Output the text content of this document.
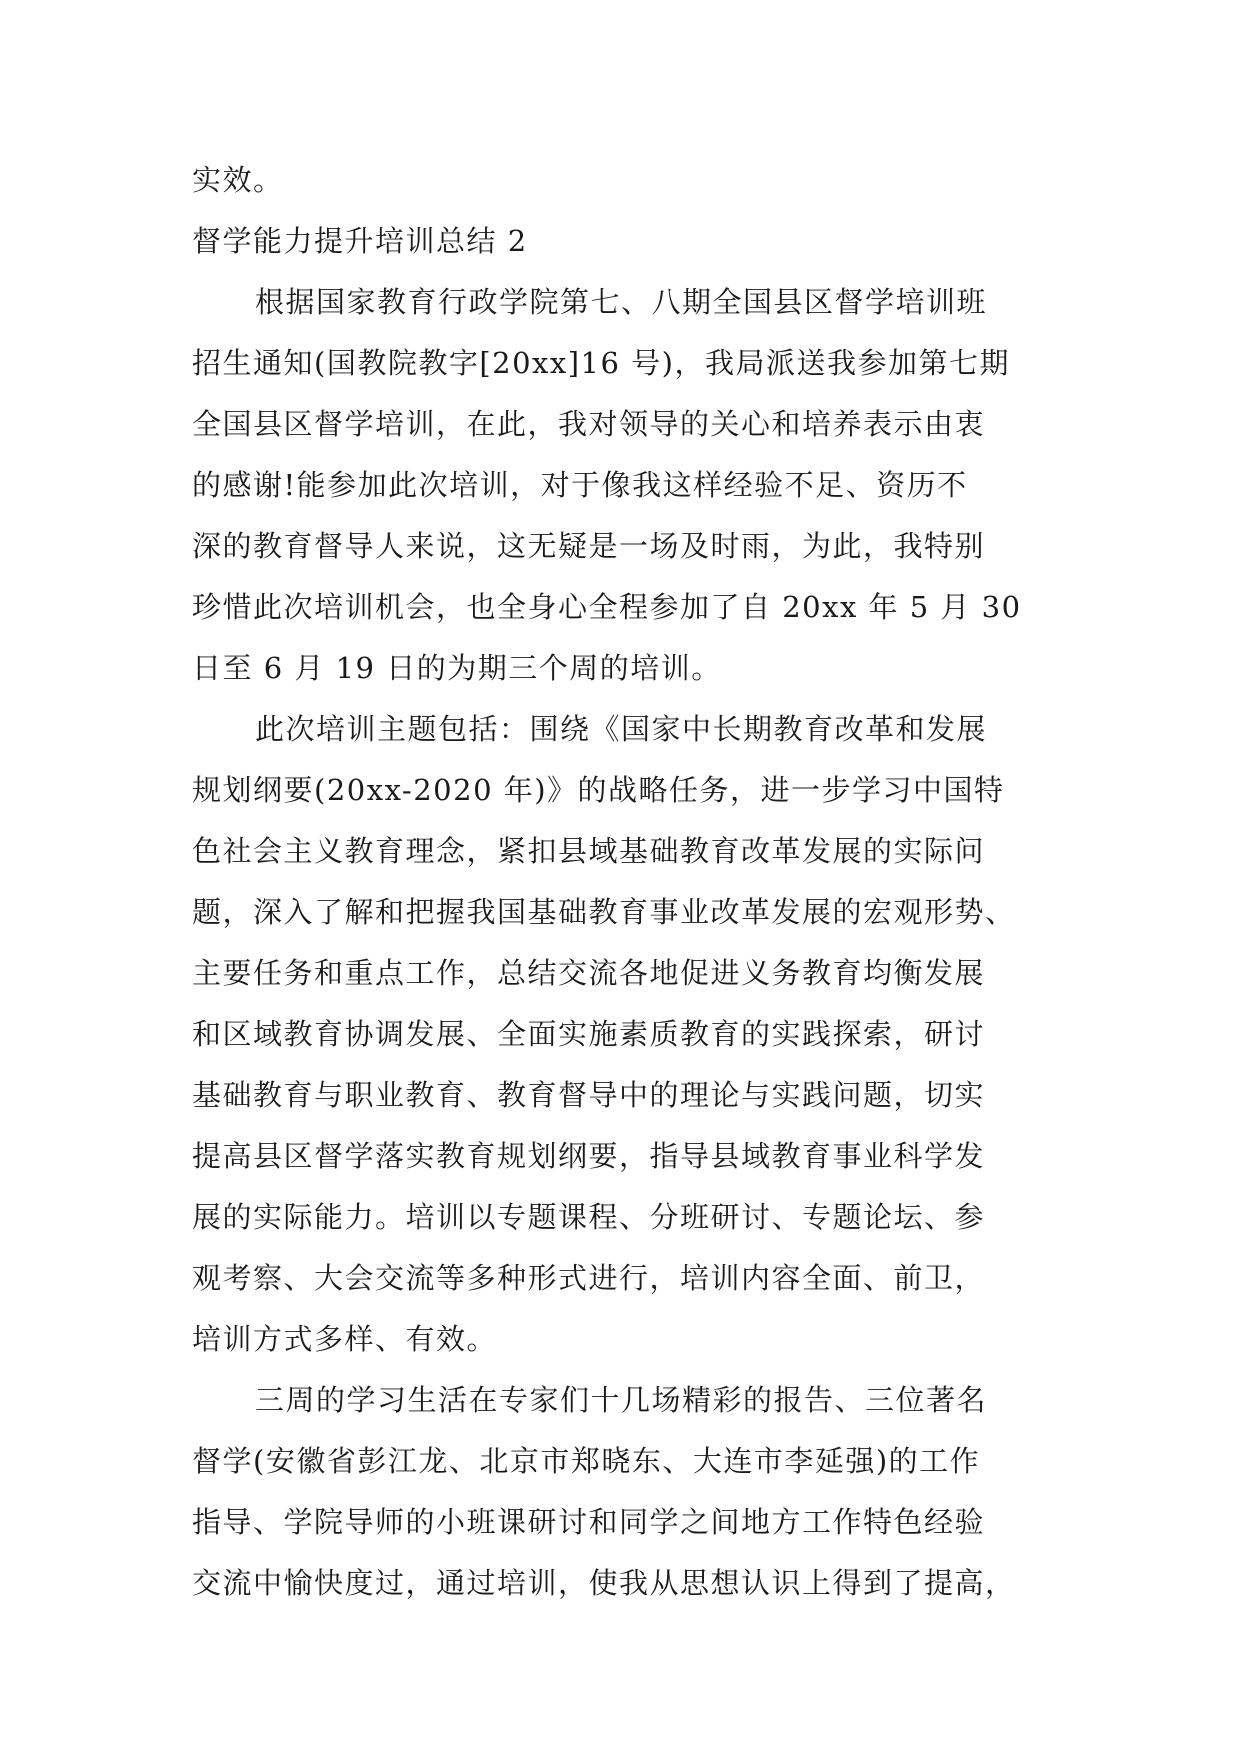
实效。
督学能力提升培训总结 2
根据国家教育行政学院第七、八期全国县区督学培训班
招生通知(国教院教字[20xx]16 号)，我局派送我参加第七期
全国县区督学培训，在此，我对领导的关心和培养表示由衷
的感谢!能参加此次培训，对于像我这样经验不足、资历不
深的教育督导人来说，这无疑是一场及时雨，为此，我特别
珍惜此次培训机会，也全身心全程参加了自 20xx 年 5 月 30
日至 6 月 19 日的为期三个周的培训。
此次培训主题包括：围绕《国家中长期教育改革和发展
规划纲要(20xx-2020 年)》的战略任务，进一步学习中国特
色社会主义教育理念，紧扣县域基础教育改革发展的实际问
题，深入了解和把握我国基础教育事业改革发展的宏观形势、
主要任务和重点工作，总结交流各地促进义务教育均衡发展
和区域教育协调发展、全面实施素质教育的实践探索，研讨
基础教育与职业教育、教育督导中的理论与实践问题，切实
提高县区督学落实教育规划纲要，指导县域教育事业科学发
展的实际能力。培训以专题课程、分班研讨、专题论坛、参
观考察、大会交流等多种形式进行，培训内容全面、前卫，
培训方式多样、有效。
三周的学习生活在专家们十几场精彩的报告、三位著名
督学(安徽省彭江龙、北京市郑晓东、大连市李延强)的工作
指导、学院导师的小班课研讨和同学之间地方工作特色经验
交流中愉快度过，通过培训，使我从思想认识上得到了提高，
